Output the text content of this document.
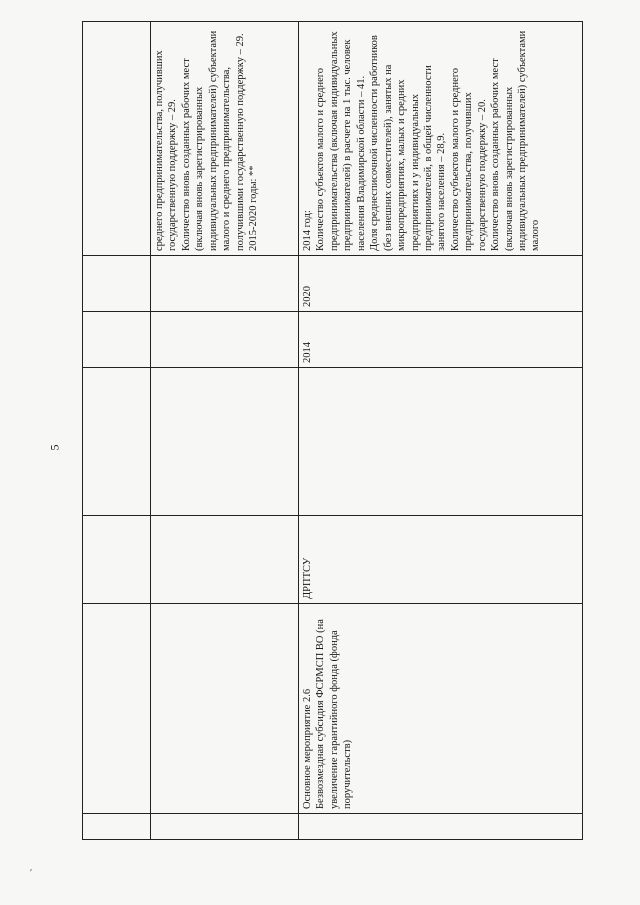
5
′

						среднего предпринимательства, получивших государственную поддержку – 29.
Количество вновь созданных рабочих мест (включая вновь зарегистрированных индивидуальных предпринимателей) субъектами малого и среднего предпринимательства, получившими государственную поддержку – 29.
2015-2020 годы: **
	Основное мероприятие 2.6
Безвозмездная субсидия ФСРМСП ВО (на увеличение гарантийного фонда (фонда поручительств)	ДРПТСУ		2014	2020	2014 год:
Количество субъектов малого и среднего предпринимательства (включая индивидуальных предпринимателей) в расчете на 1 тыс. человек населения Владимирской области – 41.
Доля среднесписочной численности работников (без внешних совместителей), занятых на микропредприятиях, малых и средних предприятиях и у индивидуальных предпринимателей, в общей численности занятого населения – 28,9.
Количество субъектов малого и среднего предпринимательства, получивших государственную поддержку – 20.
Количество вновь созданных рабочих мест (включая вновь зарегистрированных индивидуальных предпринимателей) субъектами малого
